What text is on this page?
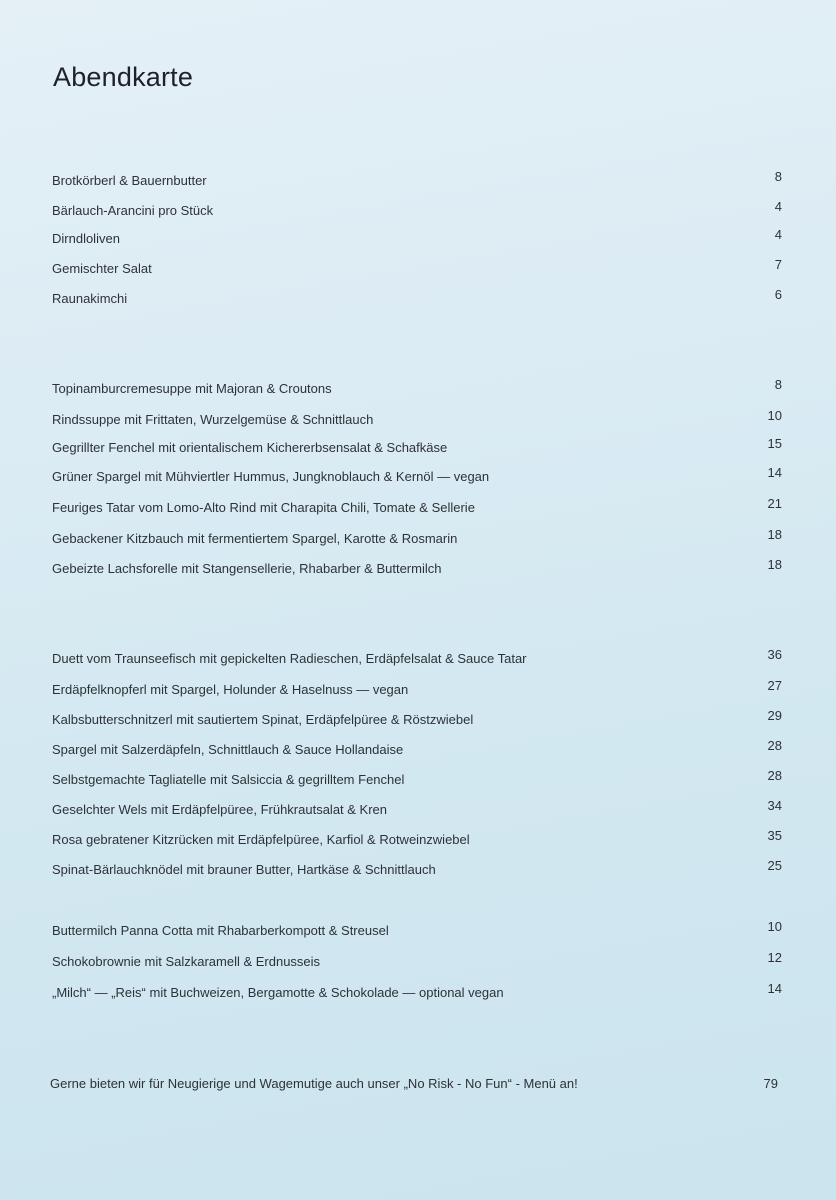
Abendkarte
Brotkörberl & Bauernbutter	8
Bärlauch-Arancini pro Stück	4
Dirndloliven	4
Gemischter Salat	7
Raunakimchi	6
Topinamburcremesuppe mit Majoran & Croutons	8
Rindssuppe mit Frittaten, Wurzelgemüse & Schnittlauch	10
Gegrillter Fenchel mit orientalischem Kichererbsensalat & Schafkäse	15
Grüner Spargel mit Mühviertler Hummus, Jungknoblauch & Kernöl — vegan	14
Feuriges Tatar vom Lomo-Alto Rind mit Charapita Chili, Tomate & Sellerie	21
Gebackener Kitzbauch mit fermentiertem Spargel, Karotte & Rosmarin	18
Gebeizte Lachsforelle mit Stangensellerie, Rhabarber & Buttermilch	18
Duett vom Traunseefisch mit gepickelten Radieschen, Erdäpfelsalat & Sauce Tatar	36
Erdäpfelknopferl mit Spargel, Holunder & Haselnuss — vegan	27
Kalbsbutterschnitzerl mit sautiertem Spinat, Erdäpfelpüree & Röstzwiebel	29
Spargel mit Salzerdäpfeln, Schnittlauch & Sauce Hollandaise	28
Selbstgemachte Tagliatelle mit Salsiccia & gegrilltem Fenchel	28
Geselchter Wels mit Erdäpfelpüree, Frühkrautsalat & Kren	34
Rosa gebratener Kitzrücken mit Erdäpfelpüree, Karfiol & Rotweinzwiebel	35
Spinat-Bärlauchknödel mit brauner Butter, Hartkäse & Schnittlauch	25
Buttermilch Panna Cotta mit Rhabarberkompott & Streusel	10
Schokobrownie mit Salzkaramell & Erdnusseis	12
„Milch“ — „Reis“ mit Buchweizen, Bergamotte & Schokolade — optional vegan	14
Gerne bieten wir für Neugierige und Wagemutige auch unser „No Risk - No Fun“ - Menü an!	79
